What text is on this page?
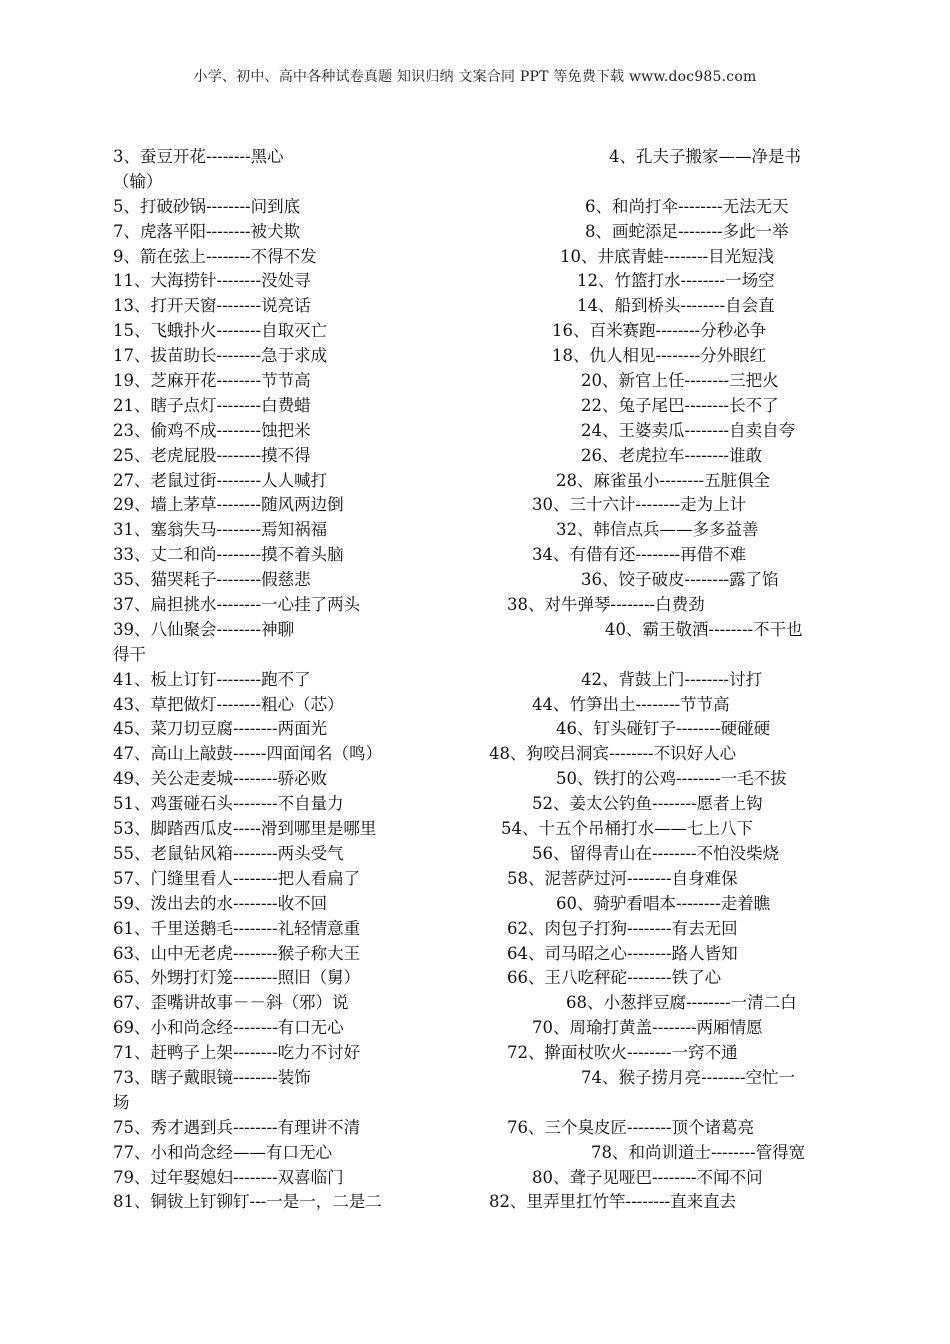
小学、初中、高中各种试卷真题 知识归纳 文案合同 PPT 等免费下载 www.doc985.com
3、蚕豆开花--------黑心	4、孔夫子搬家——净是书
（输）
5、打破砂锅--------问到底	6、和尚打伞--------无法无天
7、虎落平阳--------被犬欺	8、画蛇添足--------多此一举
9、箭在弦上--------不得不发	10、井底青蛙--------目光短浅
11、大海捞针--------没处寻	12、竹篮打水--------一场空
13、打开天窗--------说亮话	14、船到桥头--------自会直
15、飞蛾扑火--------自取灭亡	16、百米赛跑--------分秒必争
17、拔苗助长--------急于求成	18、仇人相见--------分外眼红
19、芝麻开花--------节节高	20、新官上任--------三把火
21、瞎子点灯--------白费蜡	22、兔子尾巴--------长不了
23、偷鸡不成--------蚀把米	24、王婆卖瓜--------自卖自夸
25、老虎屁股--------摸不得	26、老虎拉车--------谁敢
27、老鼠过街--------人人喊打	28、麻雀虽小--------五脏俱全
29、墙上茅草--------随风两边倒	30、三十六计--------走为上计
31、塞翁失马--------焉知祸福	32、韩信点兵——多多益善
33、丈二和尚--------摸不着头脑	34、有借有还--------再借不难
35、猫哭耗子--------假慈悲	36、饺子破皮--------露了馅
37、扁担挑水--------一心挂了两头	38、对牛弹琴--------白费劲
39、八仙聚会--------神聊	40、霸王敬酒--------不干也
得干
41、板上订钉--------跑不了	42、背鼓上门--------讨打
43、草把做灯--------粗心（芯）	44、竹笋出土--------节节高
45、菜刀切豆腐--------两面光	46、钉头碰钉子--------硬碰硬
47、高山上敲鼓------四面闻名（鸣）	48、狗咬吕洞宾--------不识好人心
49、关公走麦城--------骄必败	50、铁打的公鸡--------一毛不拔
51、鸡蛋碰石头--------不自量力	52、姜太公钓鱼--------愿者上钩
53、脚踏西瓜皮-----滑到哪里是哪里	54、十五个吊桶打水——七上八下
55、老鼠钻风箱--------两头受气	56、留得青山在--------不怕没柴烧
57、门缝里看人--------把人看扁了	58、泥菩萨过河--------自身难保
59、泼出去的水--------收不回	60、骑驴看唱本--------走着瞧
61、千里送鹅毛--------礼轻情意重	62、肉包子打狗--------有去无回
63、山中无老虎--------猴子称大王	64、司马昭之心--------路人皆知
65、外甥打灯笼--------照旧（舅）	66、王八吃秤砣--------铁了心
67、歪嘴讲故事－－斜（邪）说	68、小葱拌豆腐--------一清二白
69、小和尚念经--------有口无心	70、周瑜打黄盖--------两厢情愿
71、赶鸭子上架--------吃力不讨好	72、擀面杖吹火--------一窍不通
73、瞎子戴眼镜--------装饰	74、猴子捞月亮--------空忙一
场
75、秀才遇到兵--------有理讲不清	76、三个臭皮匠--------顶个诸葛亮
77、小和尚念经——有口无心	78、和尚训道士--------管得宽
79、过年娶媳妇--------双喜临门	80、聋子见哑巴--------不闻不问
81、铜钹上钉铆钉---一是一，二是二	82、里弄里扛竹竿--------直来直去
